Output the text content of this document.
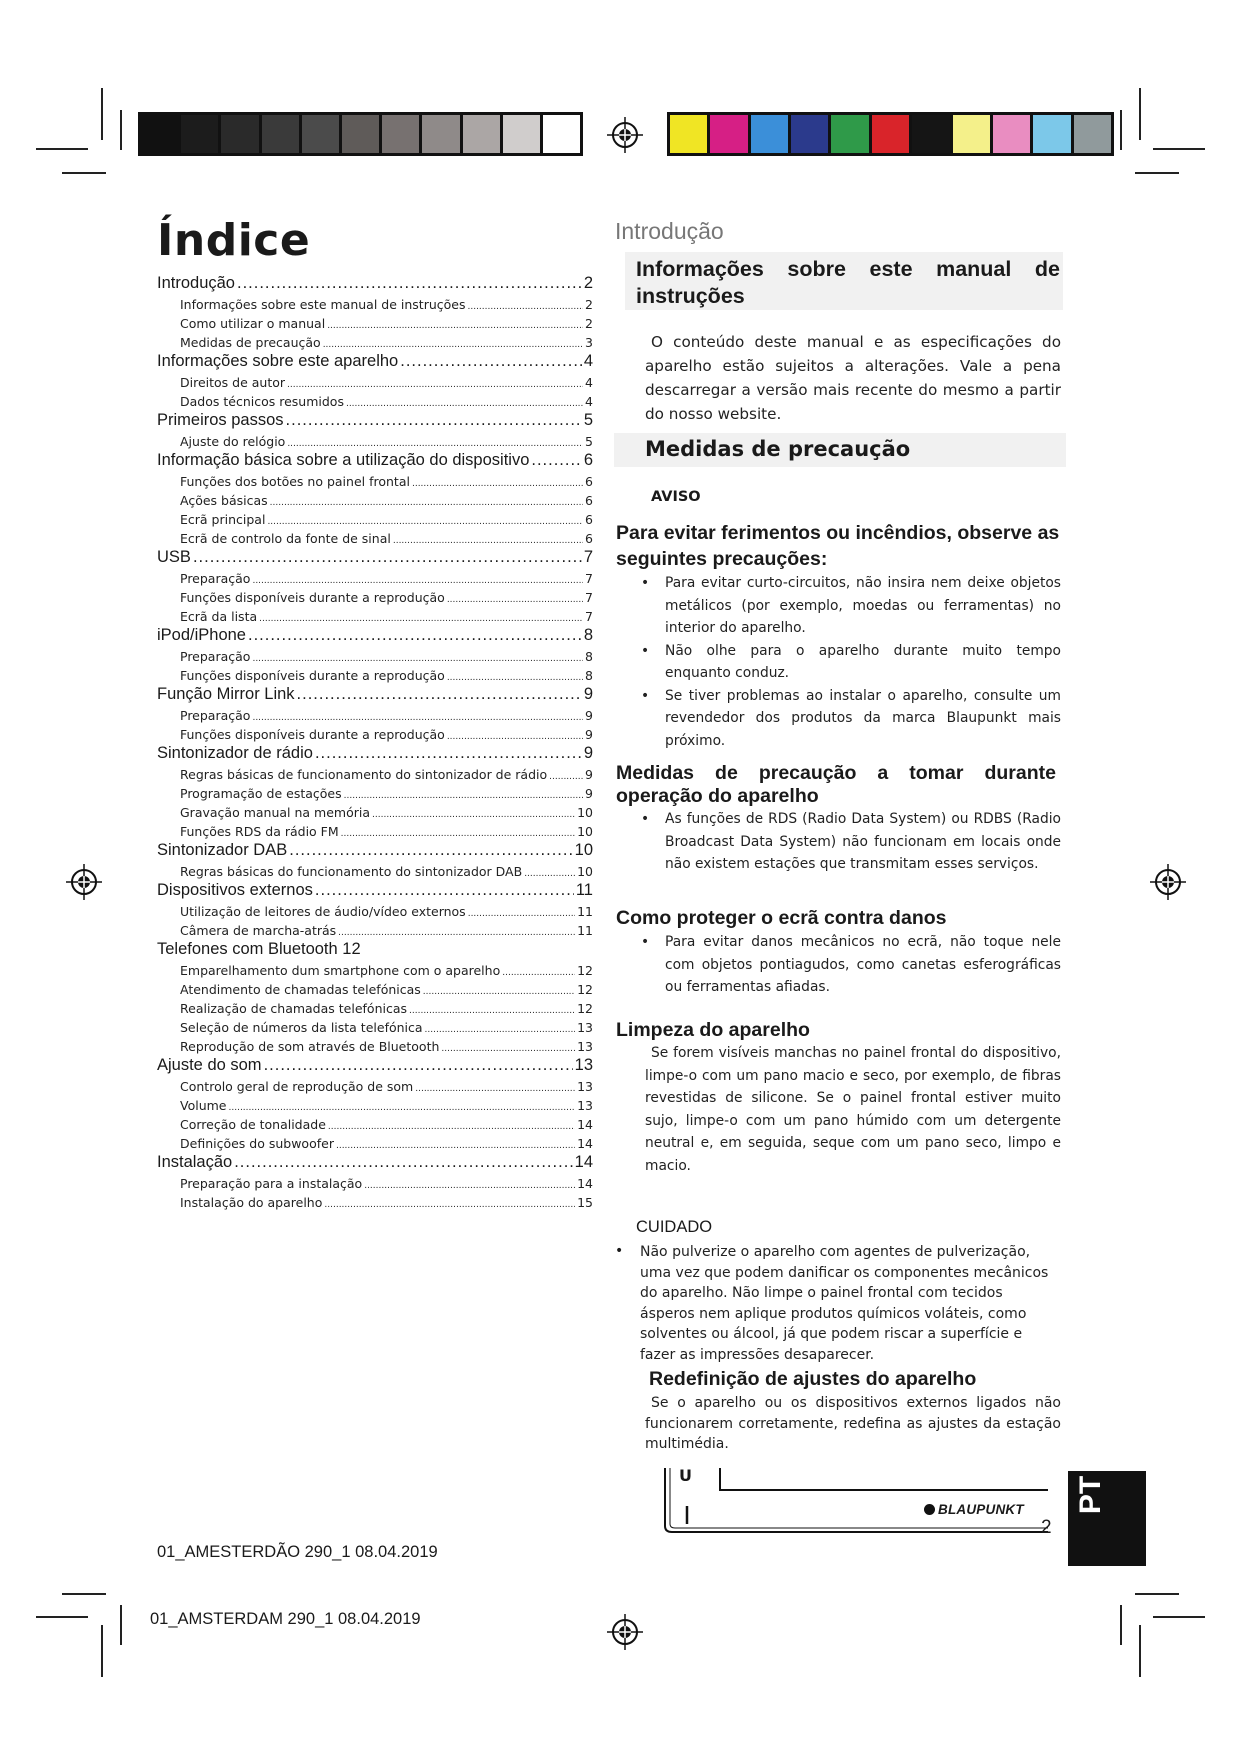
Índice
Introdução .....	2
Informações sobre este manual de instruções .....	2
Como utilizar o manual .....	2
Medidas de precaução .....	3
Informações sobre este aparelho .....	4
Direitos de autor .....	4
Dados técnicos resumidos .....	4
Primeiros passos .....	5
Ajuste do relógio .....	5
Informação básica sobre a utilização do dispositivo .....	6
Funções dos botões no painel frontal .....	6
Ações básicas .....	6
Ecrã principal .....	6
Ecrã de controlo da fonte de sinal .....	6
USB .....	7
Preparação .....	7
Funções disponíveis durante a reprodução .....	7
Ecrã da lista .....	7
iPod/iPhone .....	8
Preparação .....	8
Funções disponíveis durante a reprodução .....	8
Função Mirror Link .....	9
Preparação .....	9
Funções disponíveis durante a reprodução .....	9
Sintonizador de rádio .....	9
Regras básicas de funcionamento do sintonizador de rádio .....	9
Programação de estações .....	9
Gravação manual na memória .....	10
Funções RDS da rádio FM .....	10
Sintonizador DAB .....	10
Regras básicas do funcionamento do sintonizador DAB .....	10
Dispositivos externos .....	11
Utilização de leitores de áudio/vídeo externos .....	11
Câmera de marcha-atrás .....	11
Telefones com Bluetooth 12
Emparelhamento dum smartphone com o aparelho .....	12
Atendimento de chamadas telefónicas .....	12
Realização de chamadas telefónicas .....	12
Seleção de números da lista telefónica .....	13
Reprodução de som através de Bluetooth .....	13
Ajuste do som .....	13
Controlo geral de reprodução de som .....	13
Volume .....	13
Correção de tonalidade .....	14
Definições do subwoofer .....	14
Instalação .....	14
Preparação para a instalação .....	14
Instalação do aparelho .....	15
Introdução
Informações sobre este manual de instruções
O conteúdo deste manual e as especificações do aparelho estão sujeitos a alterações. Vale a pena descarregar a versão mais recente do mesmo a partir do nosso website.
Medidas de precaução
AVISO
Para evitar ferimentos ou incêndios, observe as seguintes precauções:
• Para evitar curto-circuitos, não insira nem deixe objetos metálicos (por exemplo, moedas ou ferramentas) no interior do aparelho.
• Não olhe para o aparelho durante muito tempo enquanto conduz.
• Se tiver problemas ao instalar o aparelho, consulte um revendedor dos produtos da marca Blaupunkt mais próximo.
Medidas de precaução a tomar durante operação do aparelho
• As funções de RDS (Radio Data System) ou RDBS (Radio Broadcast Data System) não funcionam em locais onde não existem estações que transmitam esses serviços.
Como proteger o ecrã contra danos
• Para evitar danos mecânicos no ecrã, não toque nele com objetos pontiagudos, como canetas esferográficas ou ferramentas afiadas.
Limpeza do aparelho
Se forem visíveis manchas no painel frontal do dispositivo, limpe-o com um pano macio e seco, por exemplo, de fibras revestidas de silicone. Se o painel frontal estiver muito sujo, limpe-o com um pano húmido com um detergente neutral e, em seguida, seque com um pano seco, limpo e macio.
CUIDADO
• Não pulverize o aparelho com agentes de pulverização, uma vez que podem danificar os componentes mecânicos do aparelho. Não limpe o painel frontal com tecidos ásperos nem aplique produtos químicos voláteis, como solventes ou álcool, já que podem riscar a superfície e fazer as impressões desaparecer.
Redefinição de ajustes do aparelho
Se o aparelho ou os dispositivos externos ligados não funcionarem corretamente, redefina as ajustes da estação multimédia.
U
BLAUPUNKT
2
PT
01_AMESTERDÃO 290_1 08.04.2019
01_AMSTERDAM 290_1 08.04.2019
